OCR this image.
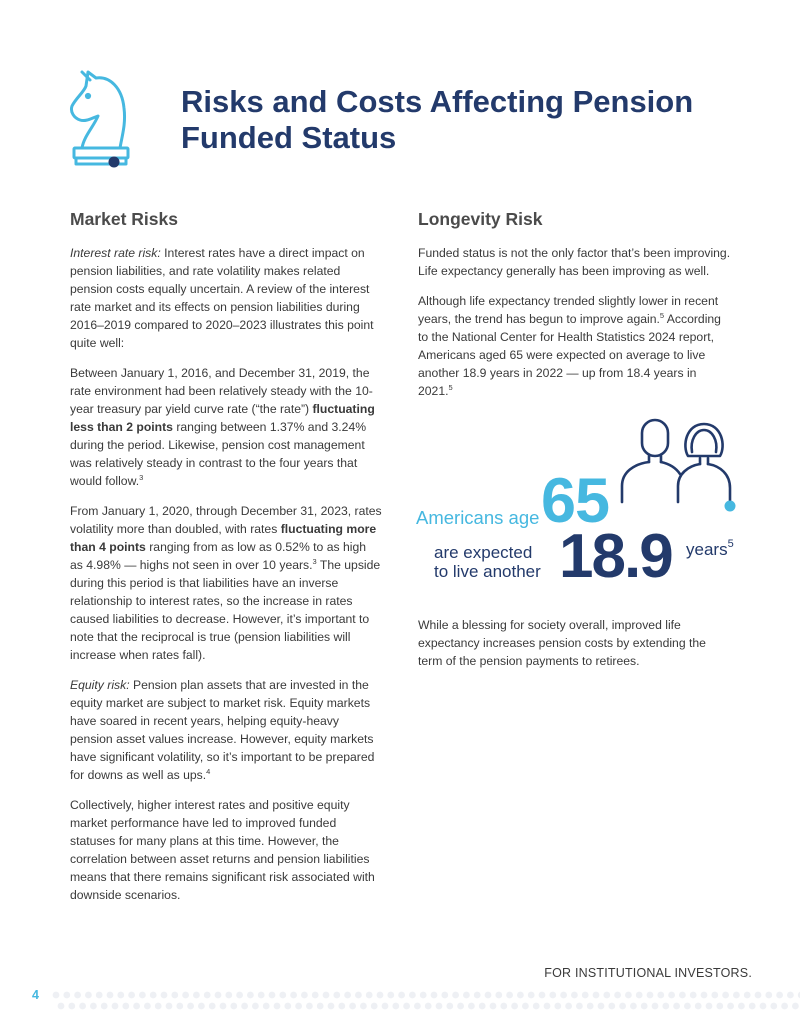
Risks and Costs Affecting Pension Funded Status
Market Risks

Interest rate risk: Interest rates have a direct impact on pension liabilities, and rate volatility makes related pension costs equally uncertain. A review of the interest rate market and its effects on pension liabilities during 2016–2019 compared to 2020–2023 illustrates this point quite well:

Between January 1, 2016, and December 31, 2019, the rate environment had been relatively steady with the 10-year treasury par yield curve rate (“the rate”) fluctuating less than 2 points ranging between 1.37% and 3.24% during the period. Likewise, pension cost management was relatively steady in contrast to the four years that would follow.$^3$

From January 1, 2020, through December 31, 2023, rates volatility more than doubled, with rates fluctuating more than 4 points ranging from as low as 0.52% to as high as 4.98% — highs not seen in over 10 years.$^3$ The upside during this period is that liabilities have an inverse relationship to interest rates, so the increase in rates caused liabilities to decrease. However, it’s important to note that the reciprocal is true (pension liabilities will increase when rates fall).

Equity risk: Pension plan assets that are invested in the equity market are subject to market risk. Equity markets have soared in recent years, helping equity-heavy pension asset values increase. However, equity markets have significant volatility, so it’s important to be prepared for downs as well as ups.$^4$

Collectively, higher interest rates and positive equity market performance have led to improved funded statuses for many plans at this time. However, the correlation between asset returns and pension liabilities means that there remains significant risk associated with downside scenarios.

Longevity Risk

Funded status is not the only factor that’s been improving. Life expectancy generally has been improving as well.

Although life expectancy trended slightly lower in recent years, the trend has begun to improve again.$^5$ According to the National Center for Health Statistics 2024 report, Americans aged 65 were expected on average to live another 18.9 years in 2022 — up from 18.4 years in 2021.$^5$

Americans age 65
are expected
to live another 18.9 years$^5$

While a blessing for society overall, improved life expectancy increases pension costs by extending the term of the pension payments to retirees.

FOR INSTITUTIONAL INVESTORS.
4
